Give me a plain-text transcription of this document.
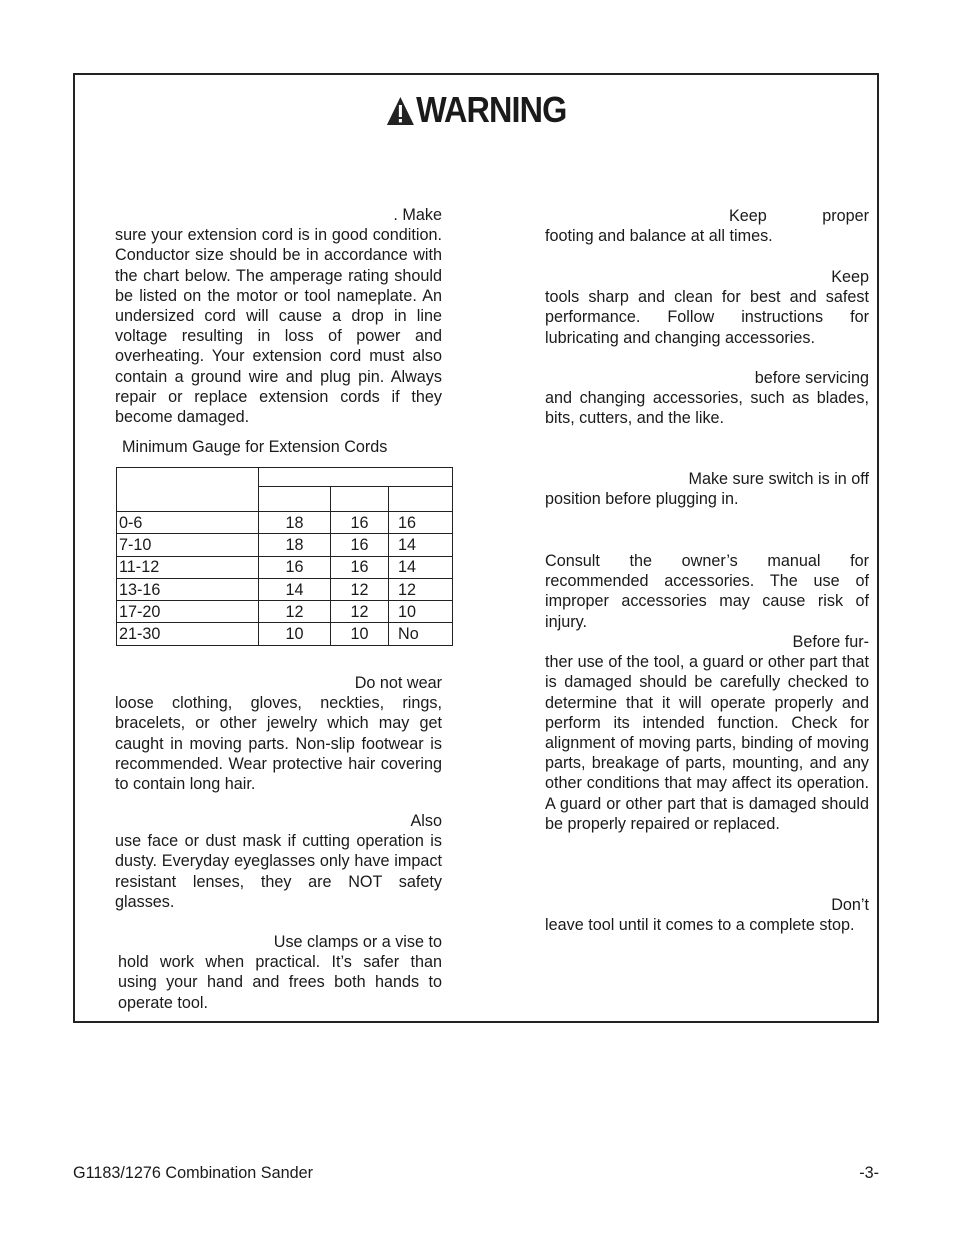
WARNING
. Make

sure your extension cord is in good condition. Conductor size should be in accordance with the chart below. The amperage rating should be listed on the motor or tool nameplate. An undersized cord will cause a drop in line voltage resulting in loss of power and overheating. Your extension cord must also contain a ground wire and plug pin. Always repair or replace extension cords if they become damaged.

Minimum Gauge for Extension Cords

0-6	18	16	16
7-10	18	16	14
11-12	16	16	14
13-16	14	12	12
17-20	12	12	10
21-30	10	10	No
Do not wear

loose clothing, gloves, neckties, rings, bracelets, or other jewelry which may get caught in moving parts. Non-slip footwear is recommended. Wear protective hair covering to contain long hair.

Also

use face or dust mask if cutting operation is dusty. Everyday eyeglasses only have impact resistant lenses, they are NOT safety glasses.

Use clamps or a vise to

hold work when practical. It’s safer than using your hand and frees both hands to operate tool.

Keep proper footing and balance at all times.

Keep

tools sharp and clean for best and safest performance. Follow instructions for lubricating and changing accessories.

before servicing

and changing accessories, such as blades, bits, cutters, and the like.

Make sure switch is in off

position before plugging in.

Consult the owner’s manual for recommended accessories. The use of improper accessories may cause risk of injury.

Before fur-

ther use of the tool, a guard or other part that is damaged should be carefully checked to determine that it will operate properly and perform its intended function. Check for alignment of moving parts, binding of moving parts, breakage of parts, mounting, and any other conditions that may affect its operation. A guard or other part that is damaged should be properly repaired or replaced.

Don’t

leave tool until it comes to a complete stop.

G1183/1276 Combination Sander	-3-
